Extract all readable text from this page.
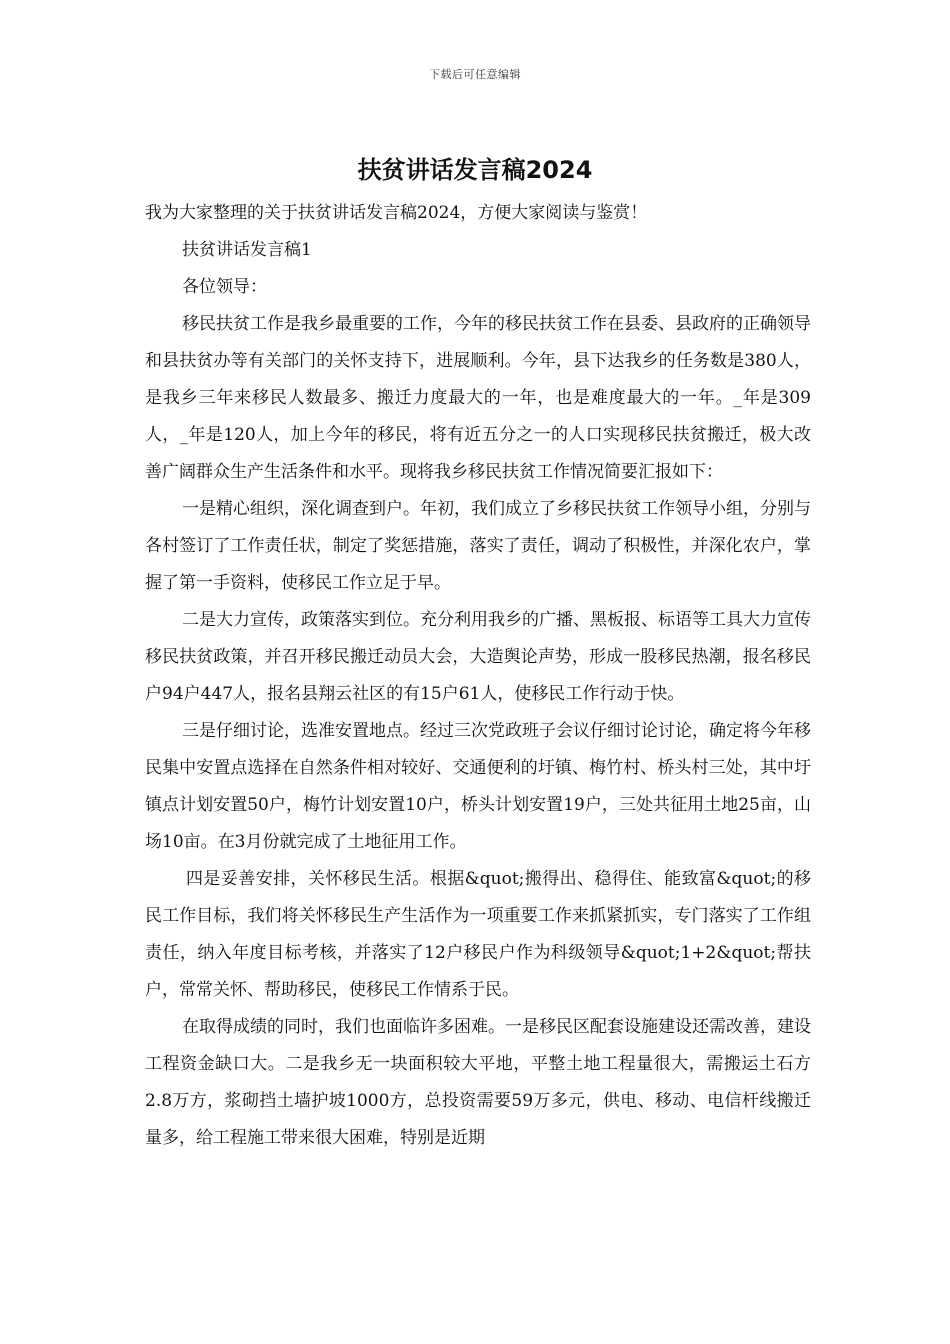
下载后可任意编辑
扶贫讲话发言稿2024

我为大家整理的关于扶贫讲话发言稿2024，方便大家阅读与鉴赏！

扶贫讲话发言稿1

各位领导：

移民扶贫工作是我乡最重要的工作，今年的移民扶贫工作在县委、县政府的正确领导和县扶贫办等有关部门的关怀支持下，进展顺利。今年，县下达我乡的任务数是380人，是我乡三年来移民人数最多、搬迁力度最大的一年，也是难度最大的一年。_年是309人，_年是120人，加上今年的移民，将有近五分之一的人口实现移民扶贫搬迁，极大改善广阔群众生产生活条件和水平。现将我乡移民扶贫工作情况简要汇报如下：

一是精心组织，深化调查到户。年初，我们成立了乡移民扶贫工作领导小组，分别与各村签订了工作责任状，制定了奖惩措施，落实了责任，调动了积极性，并深化农户，掌握了第一手资料，使移民工作立足于早。

二是大力宣传，政策落实到位。充分利用我乡的广播、黑板报、标语等工具大力宣传移民扶贫政策，并召开移民搬迁动员大会，大造舆论声势，形成一股移民热潮，报名移民户94户447人，报名县翔云社区的有15户61人，使移民工作行动于快。

三是仔细讨论，选准安置地点。经过三次党政班子会议仔细讨论讨论，确定将今年移民集中安置点选择在自然条件相对较好、交通便利的圩镇、梅竹村、桥头村三处，其中圩镇点计划安置50户，梅竹计划安置10户，桥头计划安置19户，三处共征用土地25亩，山场10亩。在3月份就完成了土地征用工作。

四是妥善安排，关怀移民生活。根据&quot;搬得出、稳得住、能致富&quot;的移民工作目标，我们将关怀移民生产生活作为一项重要工作来抓紧抓实，专门落实了工作组责任，纳入年度目标考核，并落实了12户移民户作为科级领导&quot;1+2&quot;帮扶户，常常关怀、帮助移民，使移民工作情系于民。

在取得成绩的同时，我们也面临许多困难。一是移民区配套设施建设还需改善，建设工程资金缺口大。二是我乡无一块面积较大平地，平整土地工程量很大，需搬运土石方2.8万方，浆砌挡土墙护坡1000方，总投资需要59万多元，供电、移动、电信杆线搬迁量多，给工程施工带来很大困难，特别是近期
